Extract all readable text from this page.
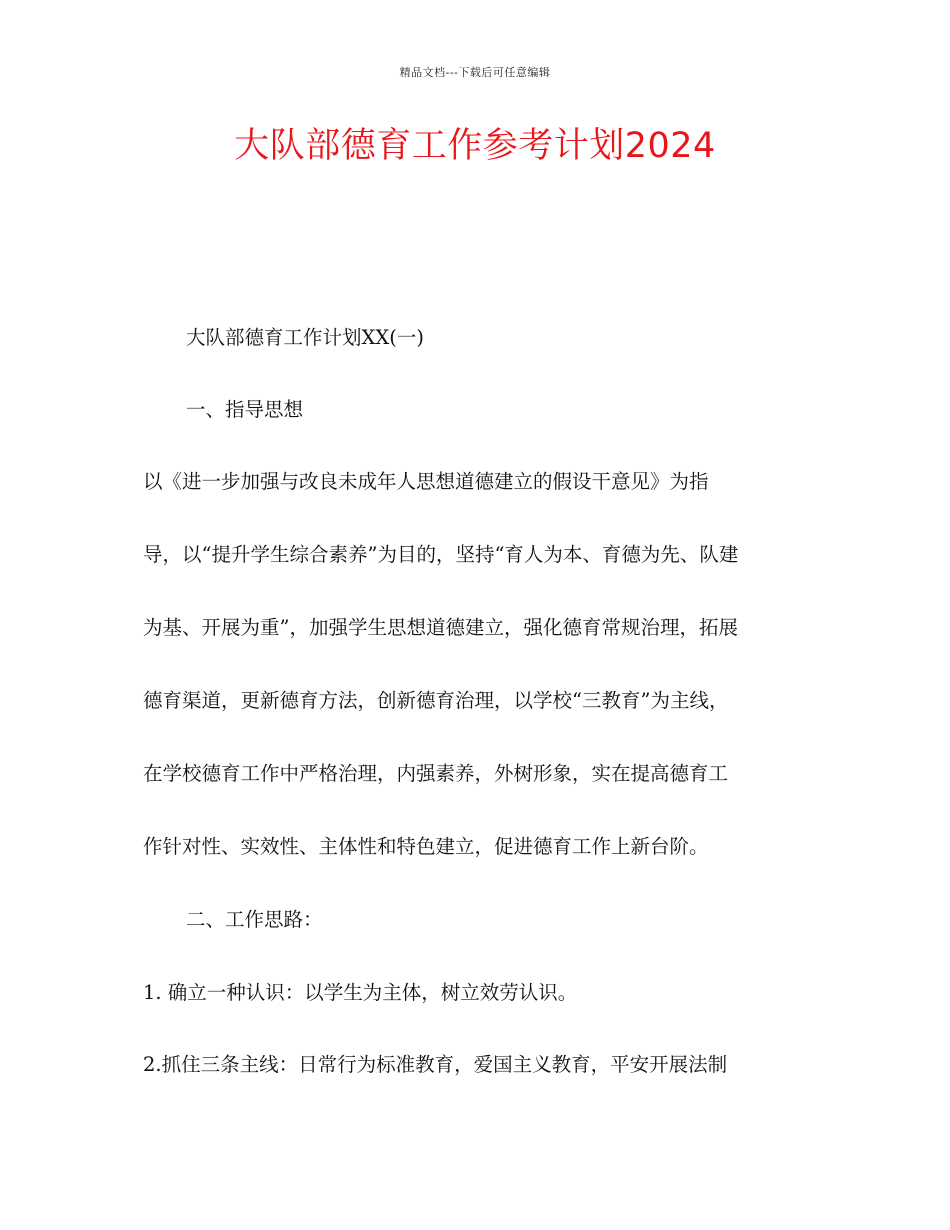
精品文档---下载后可任意编辑
大队部德育工作参考计划2024
大队部德育工作计划XX(一)
一、指导思想
以《进一步加强与改良未成年人思想道德建立的假设干意见》为指
导，以“提升学生综合素养”为目的，坚持“育人为本、育德为先、队建
为基、开展为重”，加强学生思想道德建立，强化德育常规治理，拓展
德育渠道，更新德育方法，创新德育治理，以学校“三教育”为主线，
在学校德育工作中严格治理，内强素养，外树形象，实在提高德育工
作针对性、实效性、主体性和特色建立，促进德育工作上新台阶。
二、工作思路：
1. 确立一种认识：以学生为主体，树立效劳认识。
2.抓住三条主线：日常行为标准教育，爱国主义教育，平安开展法制
